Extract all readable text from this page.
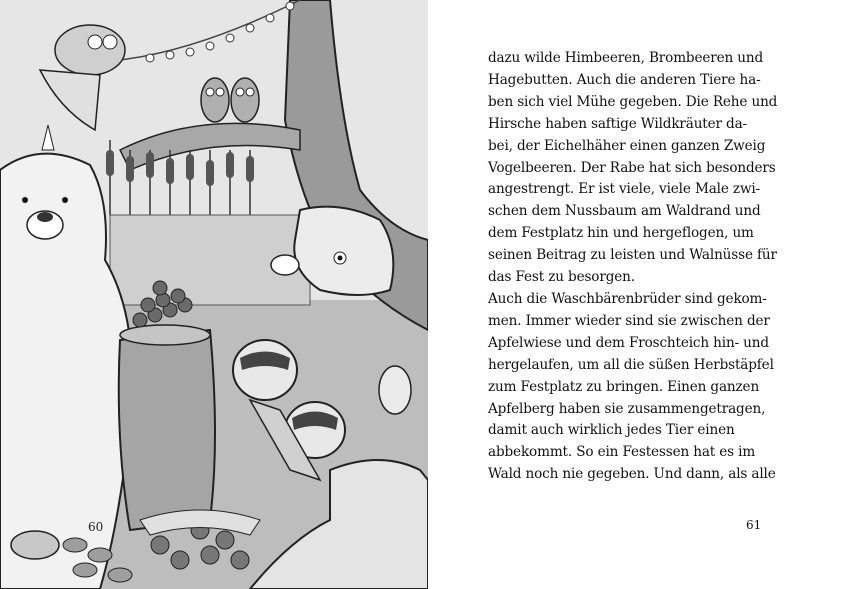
60
dazu wilde Himbeeren, Brombeeren und
Hagebutten. Auch die anderen Tiere ha-
ben sich viel Mühe gegeben. Die Rehe und
Hirsche haben saftige Wildkräuter da-
bei, der Eichelhäher einen ganzen Zweig
Vogelbeeren. Der Rabe hat sich besonders
angestrengt. Er ist viele, viele Male zwi-
schen dem Nussbaum am Waldrand und
dem Festplatz hin und hergeflogen, um
seinen Beitrag zu leisten und Walnüsse für
das Fest zu besorgen.
Auch die Waschbärenbrüder sind gekom-
men. Immer wieder sind sie zwischen der
Apfelwiese und dem Froschteich hin- und
hergelaufen, um all die süßen Herbstäpfel
zum Festplatz zu bringen. Einen ganzen
Apfelberg haben sie zusammengetragen,
damit auch wirklich jedes Tier einen
abbekommt. So ein Festessen hat es im
Wald noch nie gegeben. Und dann, als alle
61
